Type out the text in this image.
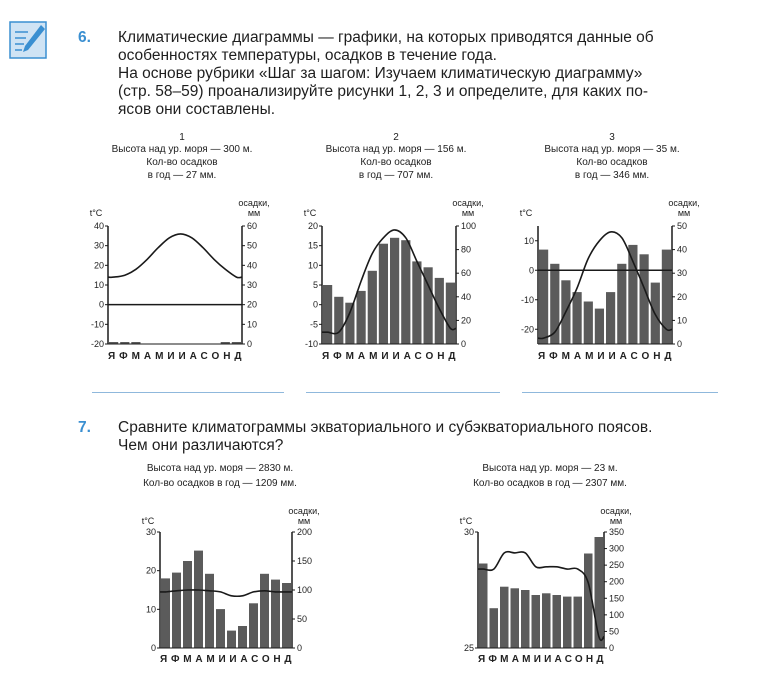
6. Климатические диаграммы — графики, на которых приводятся данные об

особенностях температуры, осадков в течение года.

На основе рубрики «Шаг за шагом: Изучаем климатическую диаграмму»

(стр. 58–59) проанализируйте рисунки 1, 2, 3 и определите, для каких по-

ясов они составлены.

1
Высота над ур. моря — 300 м.
Кол-во осадков
в год — 27 мм.
t°C
осадки,
мм
40
30
20
10
0
-10
-20
60
50
40
30
20
10
0
ЯФМАМИИАСОНД
2
Высота над ур. моря — 156 м.
Кол-во осадков
в год — 707 мм.
t°C
осадки,
мм
20
15
10
5
0
-5
-10
100
80
60
40
20
0
ЯФМАМИИАСОНД
3
Высота над ур. моря — 35 м.
Кол-во осадков
в год — 346 мм.
t°C
осадки,
мм
10
0
-10
-20
50
40
30
20
10
0
ЯФМАМИИАСОНД
7. Сравните климатограммы экваториального и субэкваториального поясов.

Чем они различаются?

Высота над ур. моря — 2830 м.
Кол-во осадков в год — 1209 мм.
t°C
осадки,
мм
30
20
10
0
200
150
100
50
0
ЯФМАМИИАСОНД
Высота над ур. моря — 23 м.
Кол-во осадков в год — 2307 мм.
t°C
осадки,
мм
30
25
350
300
250
200
150
100
50
0
ЯФМАМИИАСОНД
